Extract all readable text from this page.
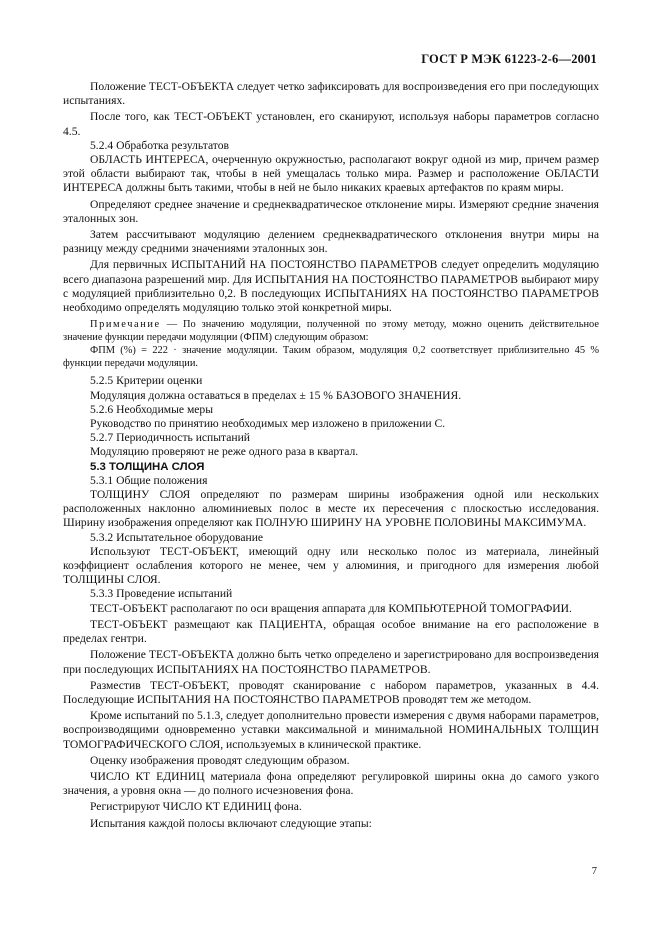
ГОСТ Р МЭК 61223-2-6—2001

Положение ТЕСТ-ОБЪЕКТА следует четко зафиксировать для воспроизведения его при последующих испытаниях.

После того, как ТЕСТ-ОБЪЕКТ установлен, его сканируют, используя наборы параметров согласно 4.5.

5.2.4 Обработка результатов

ОБЛАСТЬ ИНТЕРЕСА, очерченную окружностью, располагают вокруг одной из мир, причем размер этой области выбирают так, чтобы в ней умещалась только мира. Размер и расположение ОБЛАСТИ ИНТЕРЕСА должны быть такими, чтобы в ней не было никаких краевых артефактов по краям миры.

Определяют среднее значение и среднеквадратическое отклонение миры. Измеряют средние значения эталонных зон.

Затем рассчитывают модуляцию делением среднеквадратического отклонения внутри миры на разницу между средними значениями эталонных зон.

Для первичных ИСПЫТАНИЙ НА ПОСТОЯНСТВО ПАРАМЕТРОВ следует определить модуляцию всего диапазона разрешений мир. Для ИСПЫТАНИЯ НА ПОСТОЯНСТВО ПАРАМЕТРОВ выбирают миру с модуляцией приблизительно 0,2. В последующих ИСПЫТАНИЯХ НА ПОСТОЯНСТВО ПАРАМЕТРОВ необходимо определять модуляцию только этой конкретной миры.

Примечание — По значению модуляции, полученной по этому методу, можно оценить действительное значение функции передачи модуляции (ФПМ) следующим образом:

ФПМ (%) = 222 · значение модуляции. Таким образом, модуляция 0,2 соответствует приблизительно 45 % функции передачи модуляции.

5.2.5 Критерии оценки

Модуляция должна оставаться в пределах ± 15 % БАЗОВОГО ЗНАЧЕНИЯ.

5.2.6 Необходимые меры

Руководство по принятию необходимых мер изложено в приложении С.

5.2.7 Периодичность испытаний

Модуляцию проверяют не реже одного раза в квартал.

5.3 ТОЛЩИНА СЛОЯ

5.3.1 Общие положения

ТОЛЩИНУ СЛОЯ определяют по размерам ширины изображения одной или нескольких расположенных наклонно алюминиевых полос в месте их пересечения с плоскостью исследования. Ширину изображения определяют как ПОЛНУЮ ШИРИНУ НА УРОВНЕ ПОЛОВИНЫ МАКСИМУМА.

5.3.2 Испытательное оборудование

Используют ТЕСТ-ОБЪЕКТ, имеющий одну или несколько полос из материала, линейный коэффициент ослабления которого не менее, чем у алюминия, и пригодного для измерения любой ТОЛЩИНЫ СЛОЯ.

5.3.3 Проведение испытаний

ТЕСТ-ОБЪЕКТ располагают по оси вращения аппарата для КОМПЬЮТЕРНОЙ ТОМОГРАФИИ.

ТЕСТ-ОБЪЕКТ размещают как ПАЦИЕНТА, обращая особое внимание на его расположение в пределах гентри.

Положение ТЕСТ-ОБЪЕКТА должно быть четко определено и зарегистрировано для воспроизведения при последующих ИСПЫТАНИЯХ НА ПОСТОЯНСТВО ПАРАМЕТРОВ.

Разместив ТЕСТ-ОБЪЕКТ, проводят сканирование с набором параметров, указанных в 4.4. Последующие ИСПЫТАНИЯ НА ПОСТОЯНСТВО ПАРАМЕТРОВ проводят тем же методом.

Кроме испытаний по 5.1.3, следует дополнительно провести измерения с двумя наборами параметров, воспроизводящими одновременно уставки максимальной и минимальной НОМИНАЛЬНЫХ ТОЛЩИН ТОМОГРАФИЧЕСКОГО СЛОЯ, используемых в клинической практике.

Оценку изображения проводят следующим образом.

ЧИСЛО КТ ЕДИНИЦ материала фона определяют регулировкой ширины окна до самого узкого значения, а уровня окна — до полного исчезновения фона.

Регистрируют ЧИСЛО КТ ЕДИНИЦ фона.

Испытания каждой полосы включают следующие этапы:

7
